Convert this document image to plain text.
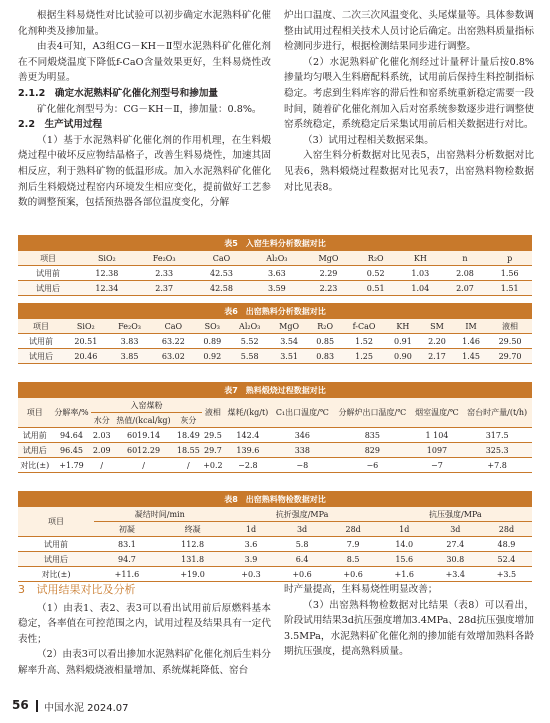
根据生料易烧性对比试验可以初步确定水泥熟料矿化催化剂种类及掺加量。

由表4可知，A3组CG－KH－Ⅱ型水泥熟料矿化催化剂在不同煅烧温度下降低f-CaO含量效果更好，生料易烧性改善更为明显。

2.1.2　确定水泥熟料矿化催化剂型号和掺加量

矿化催化剂型号为：CG－KH－Ⅱ，掺加量：0.8%。

2.2　生产试用过程

（1）基于水泥熟料矿化催化剂的作用机理，在生料煅烧过程中破坏反应物结晶格子，改善生料易烧性，加速其固相反应，利于熟料矿物的低温形成。加入水泥熟料矿化催化剂后生料煅烧过程窑内环境发生相应变化，提前做好工艺参数的调整预案，包括预热器各部位温度变化，分解

炉出口温度、二次三次风温变化、头尾煤量等。具体参数调整由试用过程相关技术人员讨论后确定。出窑熟料质量指标检测同步进行，根据检测结果同步进行调整。

（2）水泥熟料矿化催化剂经过计量秤计量后按0.8%掺量均匀喂入生料磨配料系统，试用前后保持生料控制指标稳定。考虑到生料库容的滞后性和窑系统重新稳定需要一段时间，随着矿化催化剂加入后对窑系统参数逐步进行调整使窑系统稳定，系统稳定后采集试用前后相关数据进行对比。

（3）试用过程相关数据采集。

入窑生料分析数据对比见表5，出窑熟料分析数据对比见表6，熟料煅烧过程数据对比见表7，出窑熟料物检数据对比见表8。

表5　入窑生料分析数据对比
项目	SiO₂	Fe₂O₃	CaO	Al₂O₃	MgO	R₂O	KH	n	p
试用前	12.38	2.33	42.53	3.63	2.29	0.52	1.03	2.08	1.56
试用后	12.34	2.37	42.58	3.59	2.23	0.51	1.04	2.07	1.51
表6　出窑熟料分析数据对比
项目	SiO₂	Fe₂O₃	CaO	SO₃	Al₂O₃	MgO	R₂O	f-CaO	KH	SM	IM	液相
试用前	20.51	3.83	63.22	0.89	5.52	3.54	0.85	1.52	0.91	2.20	1.46	29.50
试用后	20.46	3.85	63.02	0.92	5.58	3.51	0.83	1.25	0.90	2.17	1.45	29.70
表7　熟料煅烧过程数据对比
项目	分解率/%	入窑煤粉			液相	煤耗/(kg/t)	C₁出口温度/℃	分解炉出口温度/℃	烟室温度/℃	窑台时产量/(t/h)
		水分	热值/(kcal/kg)	灰分						
试用前	94.64	2.03	6019.14	18.49	29.5	142.4	346	835	1 104	317.5
试用后	96.45	2.09	6012.29	18.55	29.7	139.6	338	829	1097	325.3
对比(±)	+1.79	/	/	/	+0.2	−2.8	−8	−6	−7	+7.8
表8　出窑熟料物检数据对比
项目	凝结时间/min		抗折强度/MPa			抗压强度/MPa		
	初凝	终凝	1d	3d	28d	1d	3d	28d
试用前	83.1	112.8	3.6	5.8	7.9	14.0	27.4	48.9
试用后	94.7	131.8	3.9	6.4	8.5	15.6	30.8	52.4
对比(±)	+11.6	+19.0	+0.3	+0.6	+0.6	+1.6	+3.4	+3.5

3 试用结果对比及分析

（1）由表1、表2、表3可以看出试用前后原燃料基本稳定，各率值在可控范围之内，试用过程及结果具有一定代表性；

（2）由表3可以看出掺加水泥熟料矿化催化剂后生料分解率升高、熟料煅烧液相量增加、系统煤耗降低、窑台

时产量提高，生料易烧性明显改善；

（3）出窑熟料物检数据对比结果（表8）可以看出，阶段试用结果3d抗压强度增加3.4MPa、28d抗压强度增加3.5MPa，水泥熟料矿化催化剂的掺加能有效增加熟料各龄期抗压强度，提高熟料质量。

56 中国水泥 2024.07
